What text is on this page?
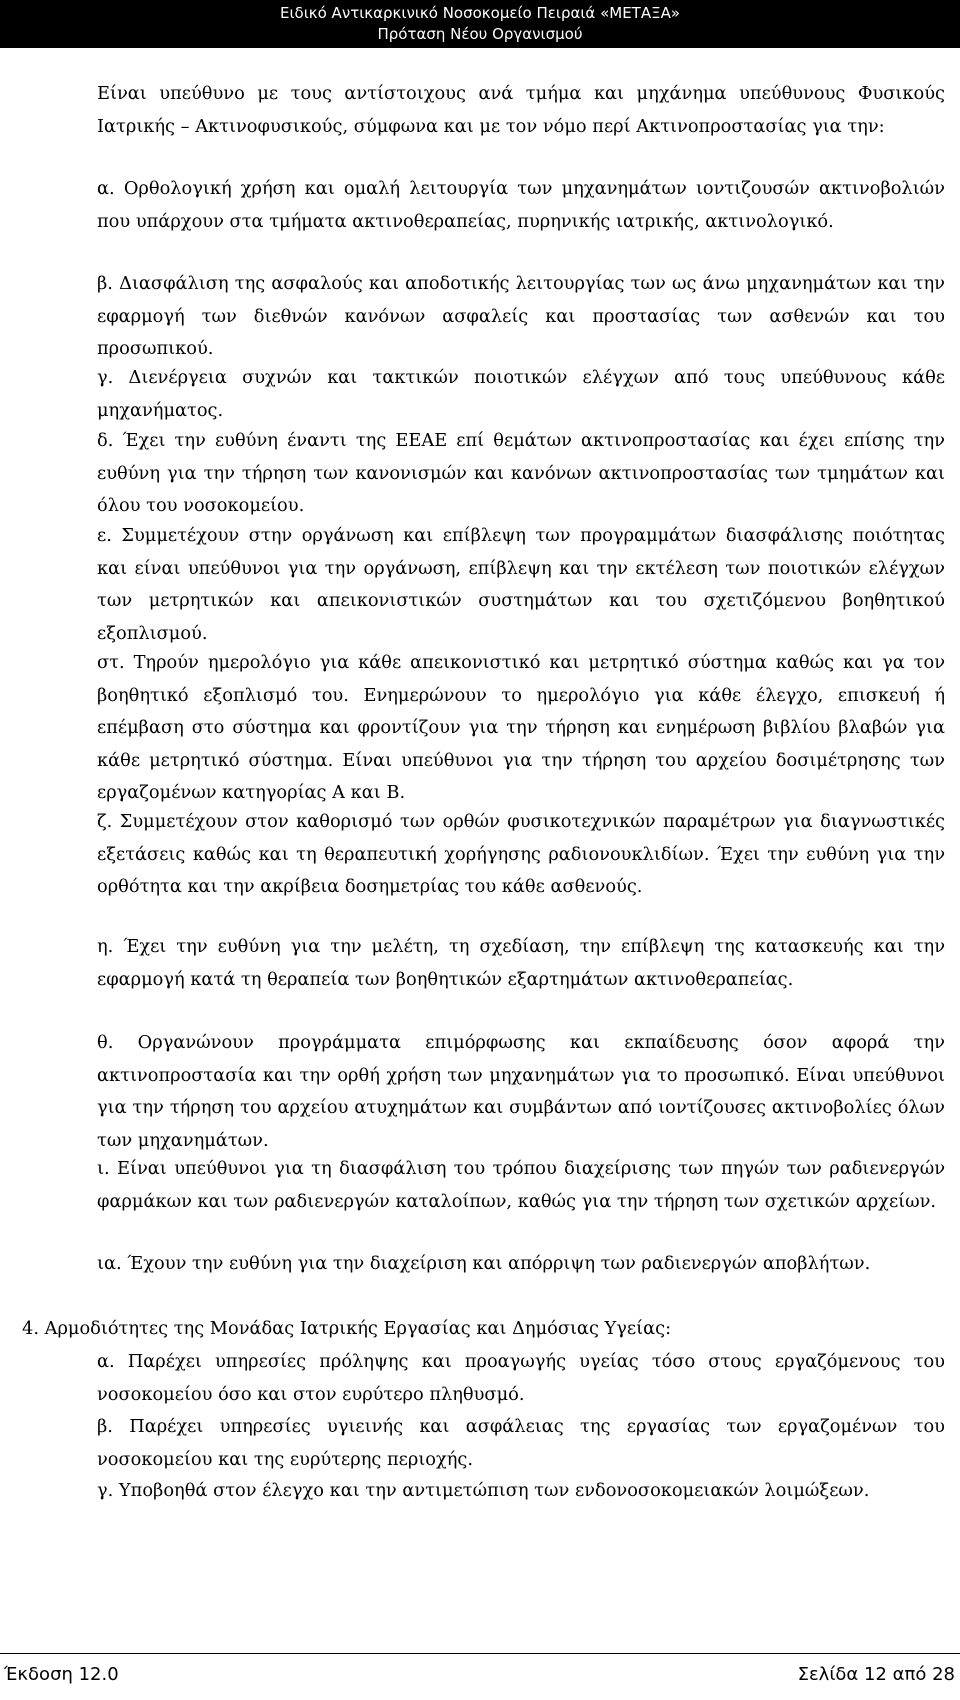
Ειδικό Αντικαρκινικό Νοσοκομείο Πειραιά «ΜΕΤΑΞΑ»
Πρόταση Νέου Οργανισμού

Είναι υπεύθυνο με τους αντίστοιχους ανά τμήμα και μηχάνημα υπεύθυνους Φυσικούς Ιατρικής – Ακτινοφυσικούς, σύμφωνα και με τον νόμο περί Ακτινοπροστασίας για την:

α. Ορθολογική χρήση και ομαλή λειτουργία των μηχανημάτων ιοντιζουσών ακτινοβολιών που υπάρχουν στα τμήματα ακτινοθεραπείας, πυρηνικής ιατρικής, ακτινολογικό.

β. Διασφάλιση της ασφαλούς και αποδοτικής λειτουργίας των ως άνω μηχανημάτων και την εφαρμογή των διεθνών κανόνων ασφαλείς και προστασίας των ασθενών και του προσωπικού.

γ. Διενέργεια συχνών και τακτικών ποιοτικών ελέγχων από τους υπεύθυνους κάθε μηχανήματος.

δ. Έχει την ευθύνη έναντι της ΕΕΑΕ επί θεμάτων ακτινοπροστασίας και έχει επίσης την ευθύνη για την τήρηση των κανονισμών και κανόνων ακτινοπροστασίας των τμημάτων και όλου του νοσοκομείου.

ε. Συμμετέχουν στην οργάνωση και επίβλεψη των προγραμμάτων διασφάλισης ποιότητας και είναι υπεύθυνοι για την οργάνωση, επίβλεψη και την εκτέλεση των ποιοτικών ελέγχων των μετρητικών και απεικονιστικών συστημάτων και του σχετιζόμενου βοηθητικού εξοπλισμού.

στ. Τηρούν ημερολόγιο για κάθε απεικονιστικό και μετρητικό σύστημα καθώς και γα τον βοηθητικό εξοπλισμό του. Ενημερώνουν το ημερολόγιο για κάθε έλεγχο, επισκευή ή επέμβαση στο σύστημα και φροντίζουν για την τήρηση και ενημέρωση βιβλίου βλαβών για κάθε μετρητικό σύστημα. Είναι υπεύθυνοι για την τήρηση του αρχείου δοσιμέτρησης των εργαζομένων κατηγορίας Α και Β.

ζ. Συμμετέχουν στον καθορισμό των ορθών φυσικοτεχνικών παραμέτρων για διαγνωστικές εξετάσεις καθώς και τη θεραπευτική χορήγησης ραδιονουκλιδίων. Έχει την ευθύνη για την ορθότητα και την ακρίβεια δοσημετρίας του κάθε ασθενούς.

η. Έχει την ευθύνη για την μελέτη, τη σχεδίαση, την επίβλεψη της κατασκευής και την εφαρμογή κατά τη θεραπεία των βοηθητικών εξαρτημάτων ακτινοθεραπείας.

θ. Οργανώνουν προγράμματα επιμόρφωσης και εκπαίδευσης όσον αφορά την ακτινοπροστασία και την ορθή χρήση των μηχανημάτων για το προσωπικό. Είναι υπεύθυνοι για την τήρηση του αρχείου ατυχημάτων και συμβάντων από ιοντίζουσες ακτινοβολίες όλων των μηχανημάτων.

ι. Είναι υπεύθυνοι για τη διασφάλιση του τρόπου διαχείρισης των πηγών των ραδιενεργών φαρμάκων και των ραδιενεργών καταλοίπων, καθώς για την τήρηση των σχετικών αρχείων.

ια. Έχουν την ευθύνη για την διαχείριση και απόρριψη των ραδιενεργών αποβλήτων.

4. Αρμοδιότητες της Μονάδας Ιατρικής Εργασίας και Δημόσιας Υγείας:

α. Παρέχει υπηρεσίες πρόληψης και προαγωγής υγείας τόσο στους εργαζόμενους του νοσοκομείου όσο και στον ευρύτερο πληθυσμό.

β. Παρέχει υπηρεσίες υγιεινής και ασφάλειας της εργασίας των εργαζομένων του νοσοκομείου και της ευρύτερης περιοχής.

γ. Υποβοηθά στον έλεγχο και την αντιμετώπιση των ενδονοσοκομειακών λοιμώξεων.

Έκδοση 12.0	Σελίδα 12 από 28
